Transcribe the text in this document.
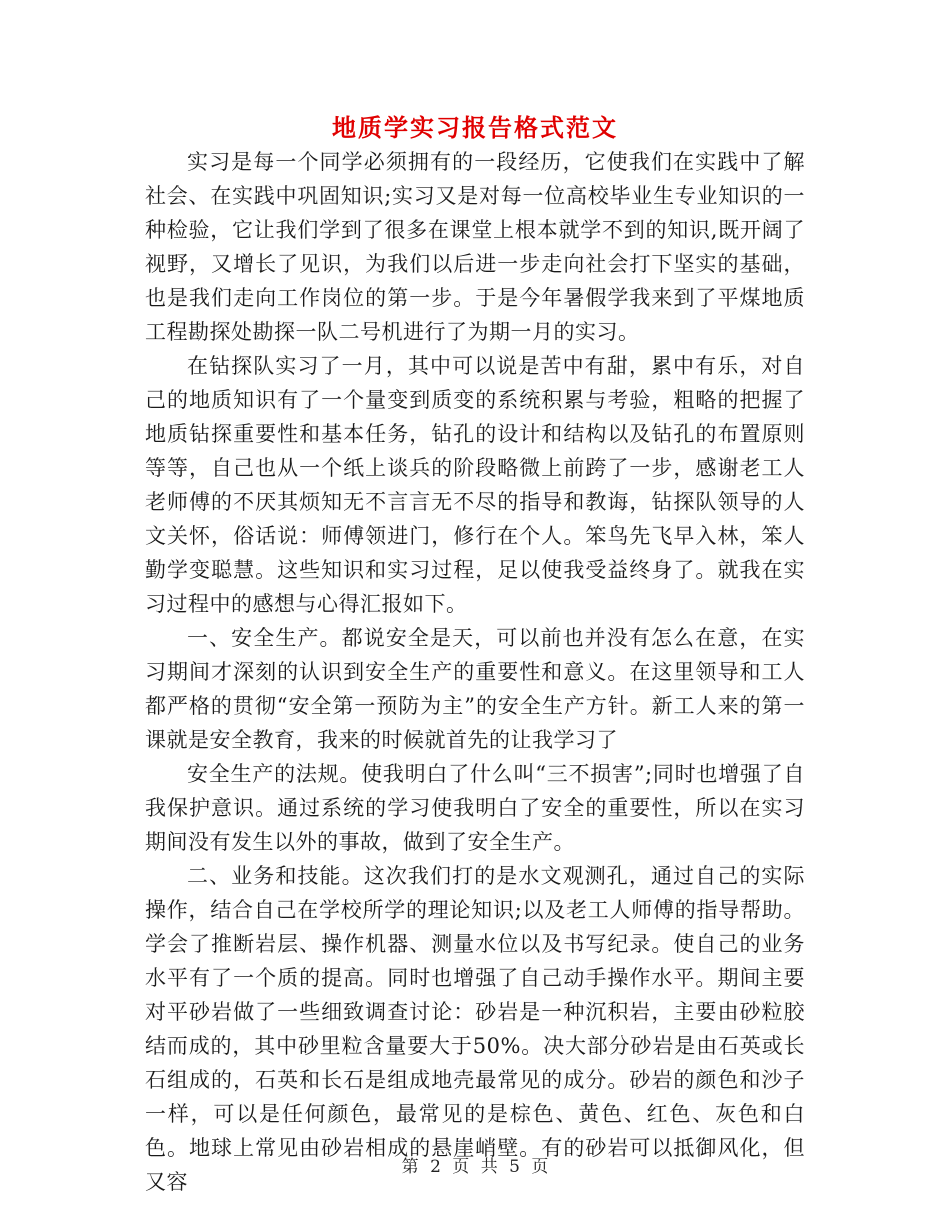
地质学实习报告格式范文

实习是每一个同学必须拥有的一段经历，它使我们在实践中了解社会、在实践中巩固知识;实习又是对每一位高校毕业生专业知识的一种检验，它让我们学到了很多在课堂上根本就学不到的知识,既开阔了视野，又增长了见识，为我们以后进一步走向社会打下坚实的基础，也是我们走向工作岗位的第一步。于是今年暑假学我来到了平煤地质工程勘探处勘探一队二号机进行了为期一月的实习。

在钻探队实习了一月，其中可以说是苦中有甜，累中有乐，对自己的地质知识有了一个量变到质变的系统积累与考验，粗略的把握了地质钻探重要性和基本任务，钻孔的设计和结构以及钻孔的布置原则等等，自己也从一个纸上谈兵的阶段略微上前跨了一步，感谢老工人老师傅的不厌其烦知无不言言无不尽的指导和教诲，钻探队领导的人文关怀，俗话说：师傅领进门，修行在个人。笨鸟先飞早入林，笨人勤学变聪慧。这些知识和实习过程，足以使我受益终身了。就我在实习过程中的感想与心得汇报如下。

一、安全生产。都说安全是天，可以前也并没有怎么在意，在实习期间才深刻的认识到安全生产的重要性和意义。在这里领导和工人都严格的贯彻“安全第一预防为主”的安全生产方针。新工人来的第一课就是安全教育，我来的时候就首先的让我学习了

安全生产的法规。使我明白了什么叫“三不损害”;同时也增强了自我保护意识。通过系统的学习使我明白了安全的重要性，所以在实习期间没有发生以外的事故，做到了安全生产。

二、业务和技能。这次我们打的是水文观测孔，通过自己的实际操作，结合自己在学校所学的理论知识;以及老工人师傅的指导帮助。学会了推断岩层、操作机器、测量水位以及书写纪录。使自己的业务水平有了一个质的提高。同时也增强了自己动手操作水平。期间主要对平砂岩做了一些细致调查讨论：砂岩是一种沉积岩，主要由砂粒胶结而成的，其中砂里粒含量要大于50%。决大部分砂岩是由石英或长石组成的，石英和长石是组成地壳最常见的成分。砂岩的颜色和沙子一样，可以是任何颜色，最常见的是棕色、黄色、红色、灰色和白色。地球上常见由砂岩相成的悬崖峭壁。有的砂岩可以抵御风化，但又容

第 2 页 共 5 页
